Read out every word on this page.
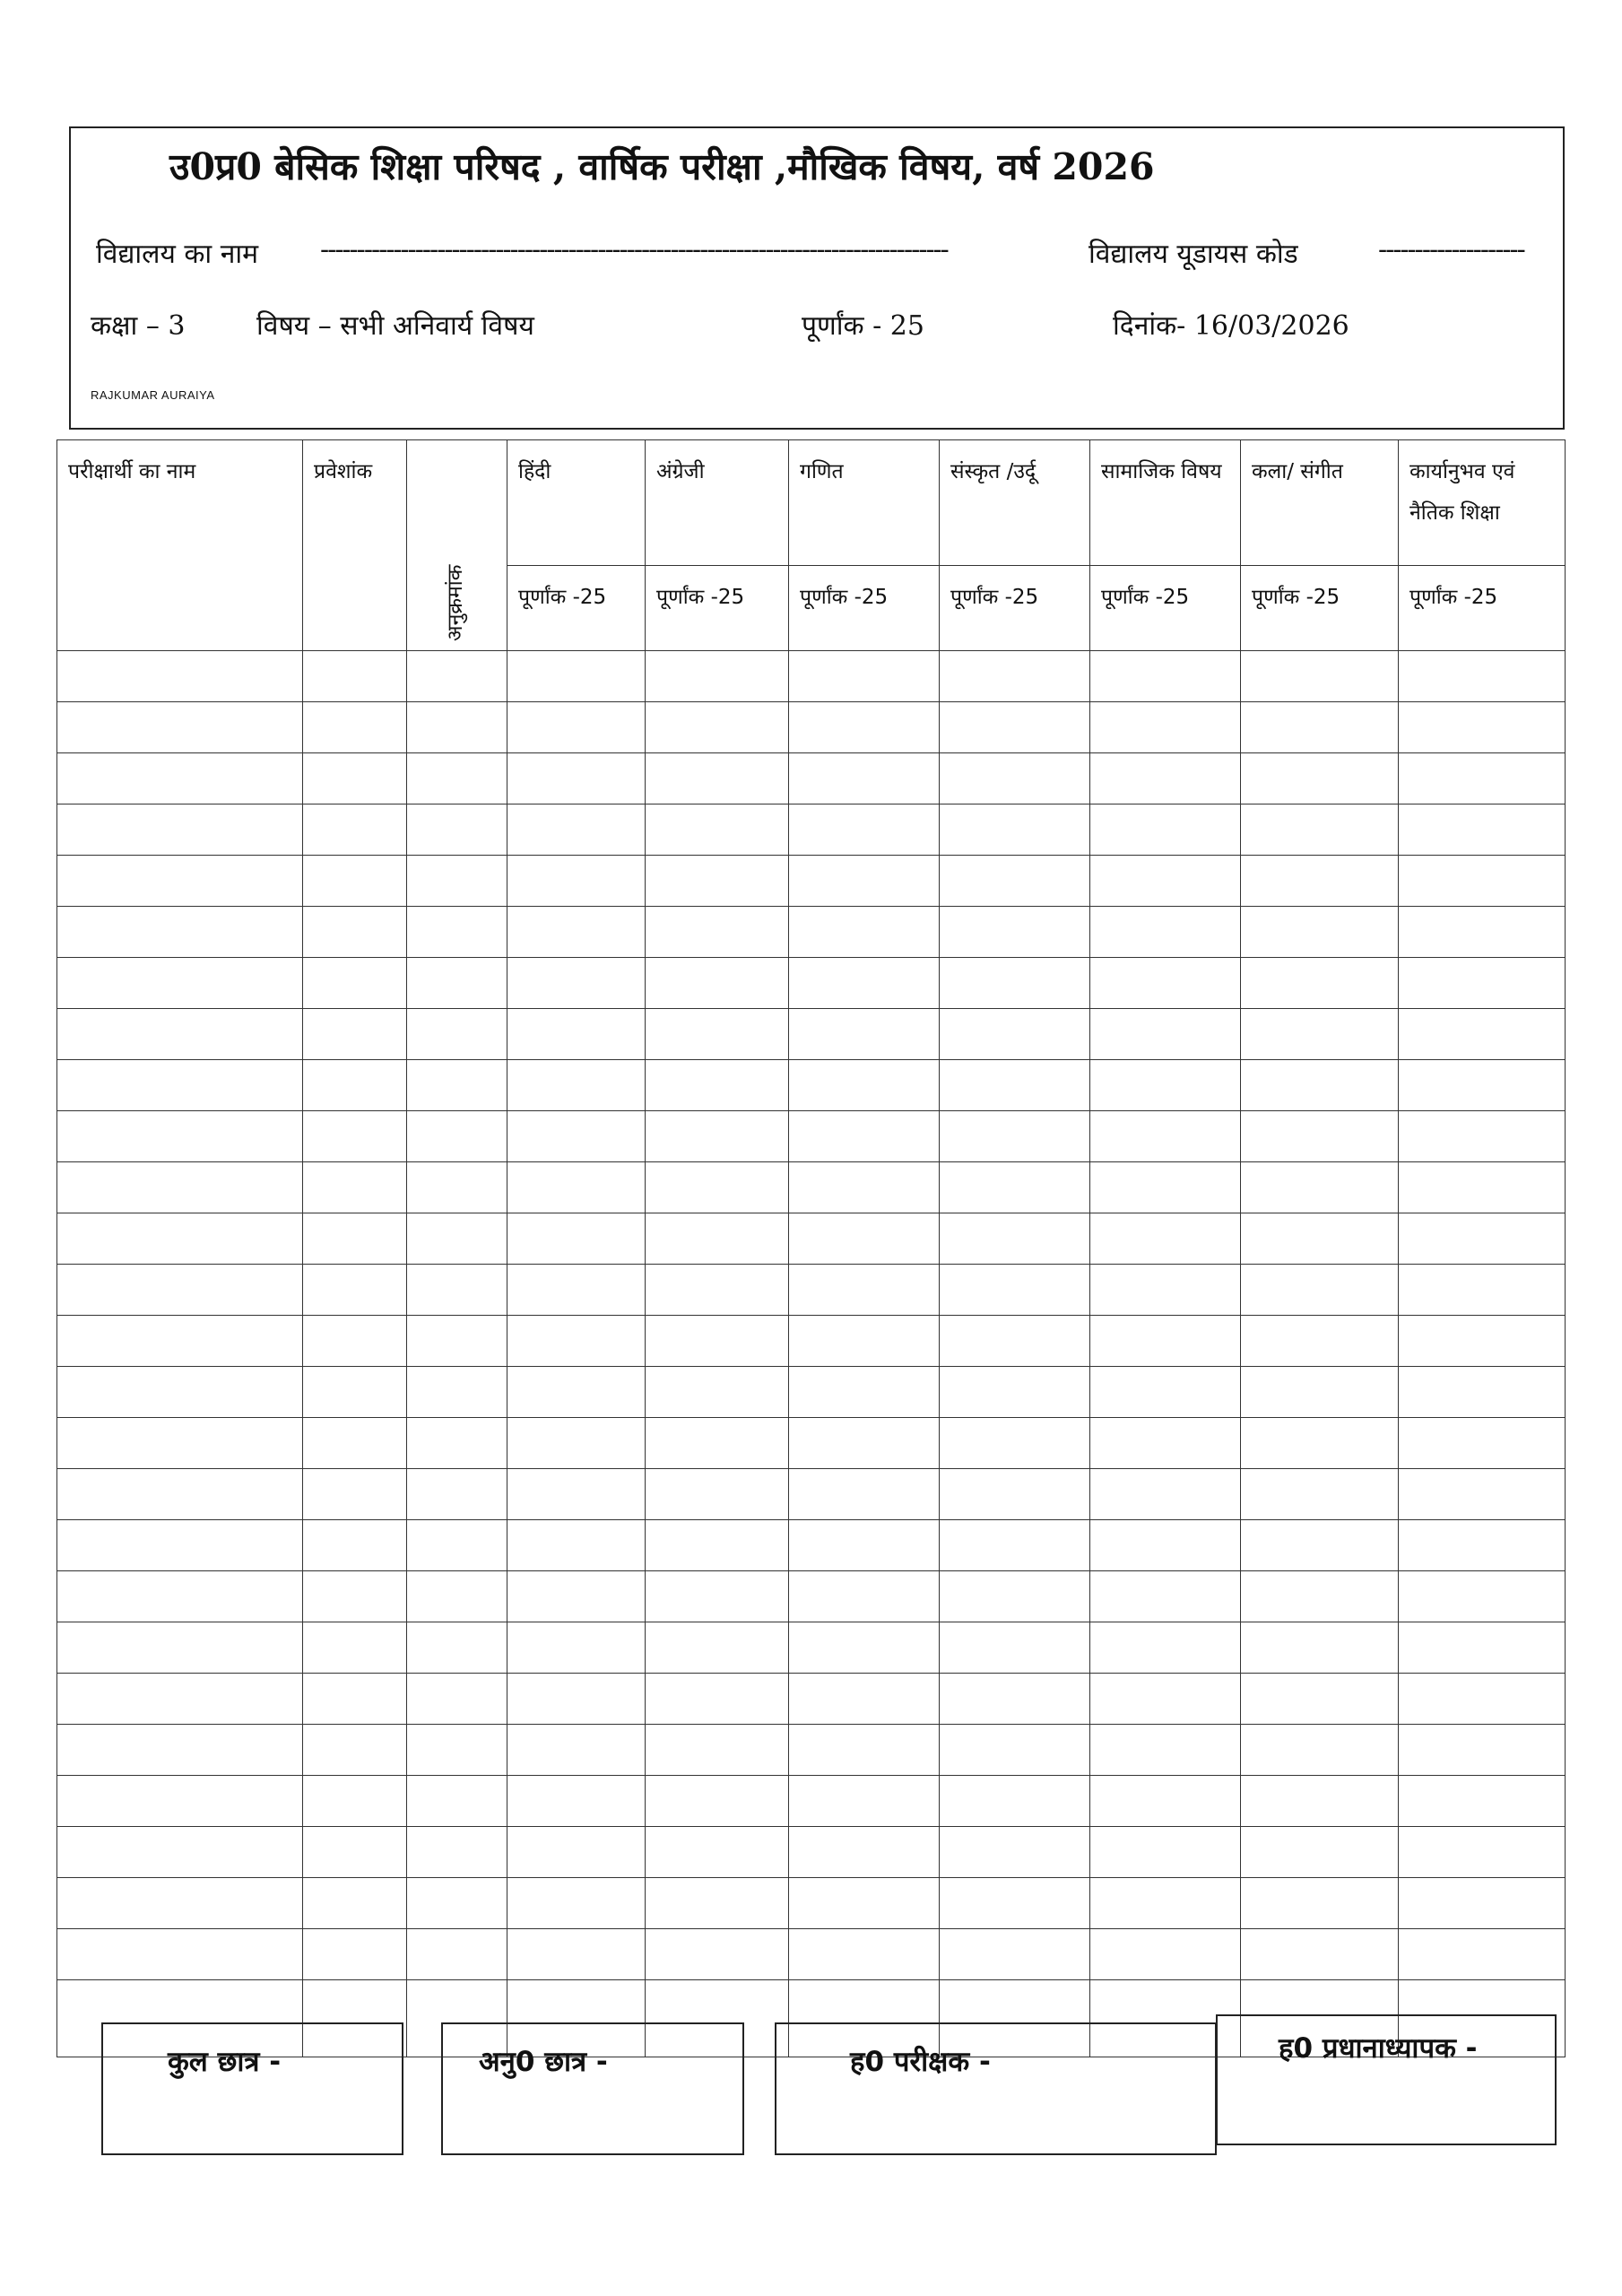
उ0प्र0 बेसिक शिक्षा परिषद , वार्षिक परीक्षा ,मौखिक विषय, वर्ष 2026
विद्यालय का नाम --------------------------------------------------------------------------------------	विद्यालय यूडायस कोड	--------------------
कक्षा – 3	विषय – सभी अनिवार्य विषय	पूर्णांक - 25	दिनांक- 16/03/2026
RAJKUMAR AURAIYA
परीक्षार्थी का नाम	प्रवेशांक	अनुक्रमांक	हिंदी	अंग्रेजी	गणित	संस्कृत /उर्दू	सामाजिक विषय	कला/ संगीत	कार्यानुभव एवं नैतिक शिक्षा

			पूर्णांक -25	पूर्णांक -25	पूर्णांक -25	पूर्णांक -25	पूर्णांक -25	पूर्णांक -25	पूर्णांक -25

कुल छात्र -	अनु0 छात्र -	ह0 परीक्षक -	ह0 प्रधानाध्यापक -
